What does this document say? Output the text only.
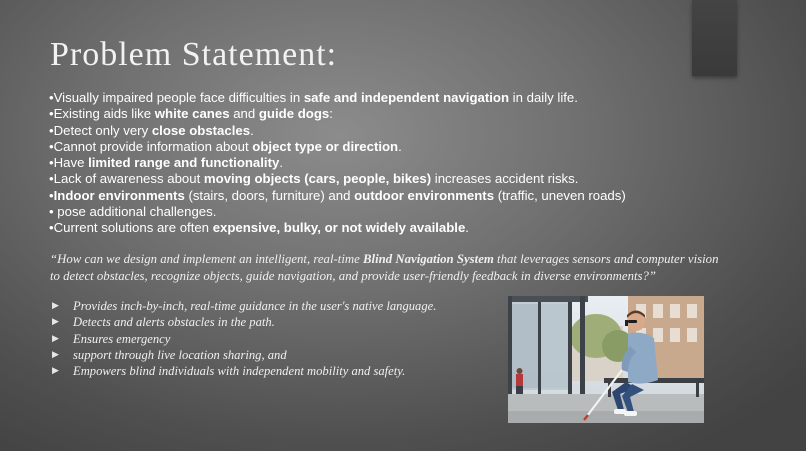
Problem Statement:
•Visually impaired people face difficulties in safe and independent navigation in daily life.
•Existing aids like white canes and guide dogs:
•Detect only very close obstacles.
•Cannot provide information about object type or direction.
•Have limited range and functionality.
•Lack of awareness about moving objects (cars, people, bikes) increases accident risks.
•Indoor environments (stairs, doors, furniture) and outdoor environments (traffic, uneven roads)
• pose additional challenges.
•Current solutions are often expensive, bulky, or not widely available.
“How can we design and implement an intelligent, real-time Blind Navigation System that leverages sensors and computer vision
to detect obstacles, recognize objects, guide navigation, and provide user-friendly feedback in diverse environments?”
▶ Provides inch-by-inch, real-time guidance in the user's native language.
▶ Detects and alerts obstacles in the path.
▶ Ensures emergency
▶ support through live location sharing, and
▶ Empowers blind individuals with independent mobility and safety.
